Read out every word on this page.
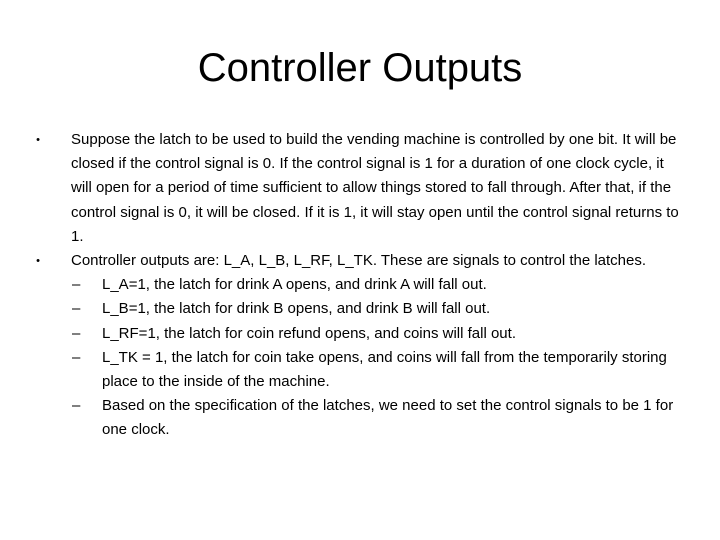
Controller Outputs
• Suppose the latch to be used to build the vending machine is controlled by one bit. It will be closed if the control signal is 0. If the control signal is 1 for a duration of one clock cycle, it will open for a period of time sufficient to allow things stored to fall through. After that, if the control signal is 0, it will be closed. If it is 1, it will stay open until the control signal returns to 1.
• Controller outputs are: L_A, L_B, L_RF, L_TK. These are signals to control the latches.
– L_A=1, the latch for drink A opens, and drink A will fall out.
– L_B=1, the latch for drink B opens, and drink B will fall out.
– L_RF=1, the latch for coin refund opens, and coins will fall out.
– L_TK = 1, the latch for coin take opens, and coins will fall from the temporarily storing place to the inside of the machine.
– Based on the specification of the latches, we need to set the control signals to be 1 for one clock.
